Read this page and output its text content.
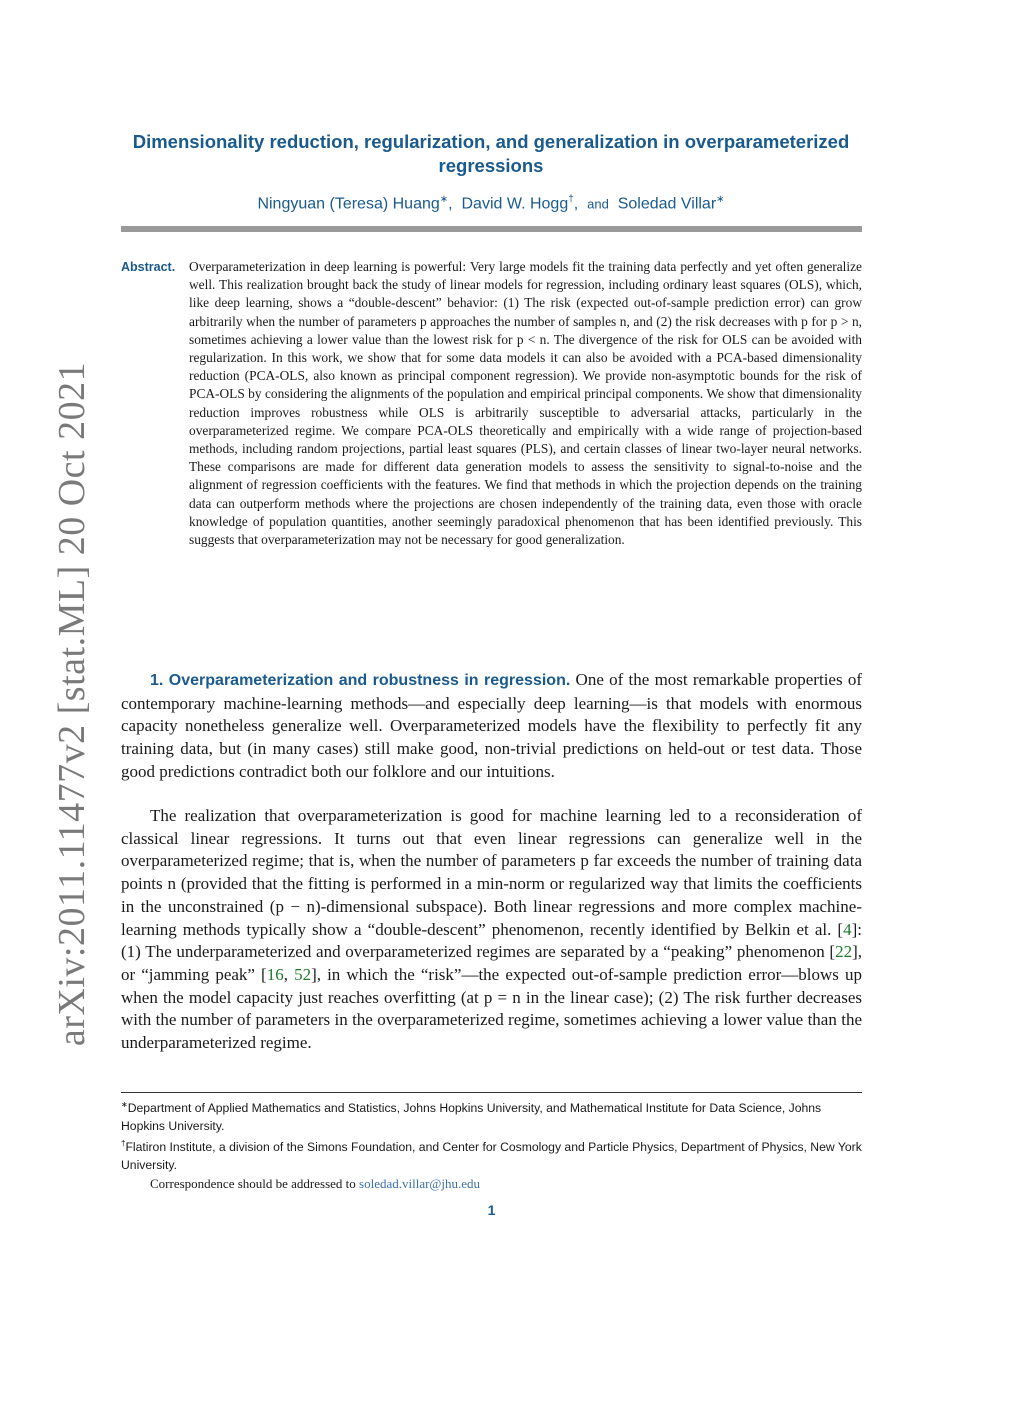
arXiv:2011.11477v2 [stat.ML] 20 Oct 2021
Dimensionality reduction, regularization, and generalization in overparameterized regressions
Ningyuan (Teresa) Huang∗,  David W. Hogg†,  and Soledad Villar∗
Abstract. Overparameterization in deep learning is powerful: Very large models fit the training data perfectly and yet often generalize well. This realization brought back the study of linear models for regression, including ordinary least squares (OLS), which, like deep learning, shows a “double-descent” behavior: (1) The risk (expected out-of-sample prediction error) can grow arbitrarily when the number of parameters p approaches the number of samples n, and (2) the risk decreases with p for p > n, sometimes achieving a lower value than the lowest risk for p < n. The divergence of the risk for OLS can be avoided with regularization. In this work, we show that for some data models it can also be avoided with a PCA-based dimensionality reduction (PCA-OLS, also known as principal component regression). We provide non-asymptotic bounds for the risk of PCA-OLS by considering the alignments of the population and empirical principal components. We show that dimensionality reduction improves robustness while OLS is arbitrarily susceptible to adversarial attacks, particularly in the overparameterized regime. We compare PCA-OLS theoretically and empirically with a wide range of projection-based methods, including random projections, partial least squares (PLS), and certain classes of linear two-layer neural networks. These comparisons are made for different data generation models to assess the sensitivity to signal-to-noise and the alignment of regression coefficients with the features. We find that methods in which the projection depends on the training data can outperform methods where the projections are chosen independently of the training data, even those with oracle knowledge of population quantities, another seemingly paradoxical phenomenon that has been identified previously. This suggests that overparameterization may not be necessary for good generalization.
1. Overparameterization and robustness in regression. One of the most remarkable properties of contemporary machine-learning methods—and especially deep learning—is that models with enormous capacity nonetheless generalize well. Overparameterized models have the flexibility to perfectly fit any training data, but (in many cases) still make good, non-trivial predictions on held-out or test data. Those good predictions contradict both our folklore and our intuitions.
The realization that overparameterization is good for machine learning led to a reconsideration of classical linear regressions. It turns out that even linear regressions can generalize well in the overparameterized regime; that is, when the number of parameters p far exceeds the number of training data points n (provided that the fitting is performed in a min-norm or regularized way that limits the coefficients in the unconstrained (p − n)-dimensional subspace). Both linear regressions and more complex machine-learning methods typically show a “double-descent” phenomenon, recently identified by Belkin et al. [4]: (1) The underparameterized and overparameterized regimes are separated by a “peaking” phenomenon [22], or “jamming peak” [16, 52], in which the “risk”—the expected out-of-sample prediction error—blows up when the model capacity just reaches overfitting (at p = n in the linear case); (2) The risk further decreases with the number of parameters in the overparameterized regime, sometimes achieving a lower value than the underparameterized regime.
∗Department of Applied Mathematics and Statistics, Johns Hopkins University, and Mathematical Institute for Data Science, Johns Hopkins University.
†Flatiron Institute, a division of the Simons Foundation, and Center for Cosmology and Particle Physics, Department of Physics, New York University.
Correspondence should be addressed to soledad.villar@jhu.edu
1
